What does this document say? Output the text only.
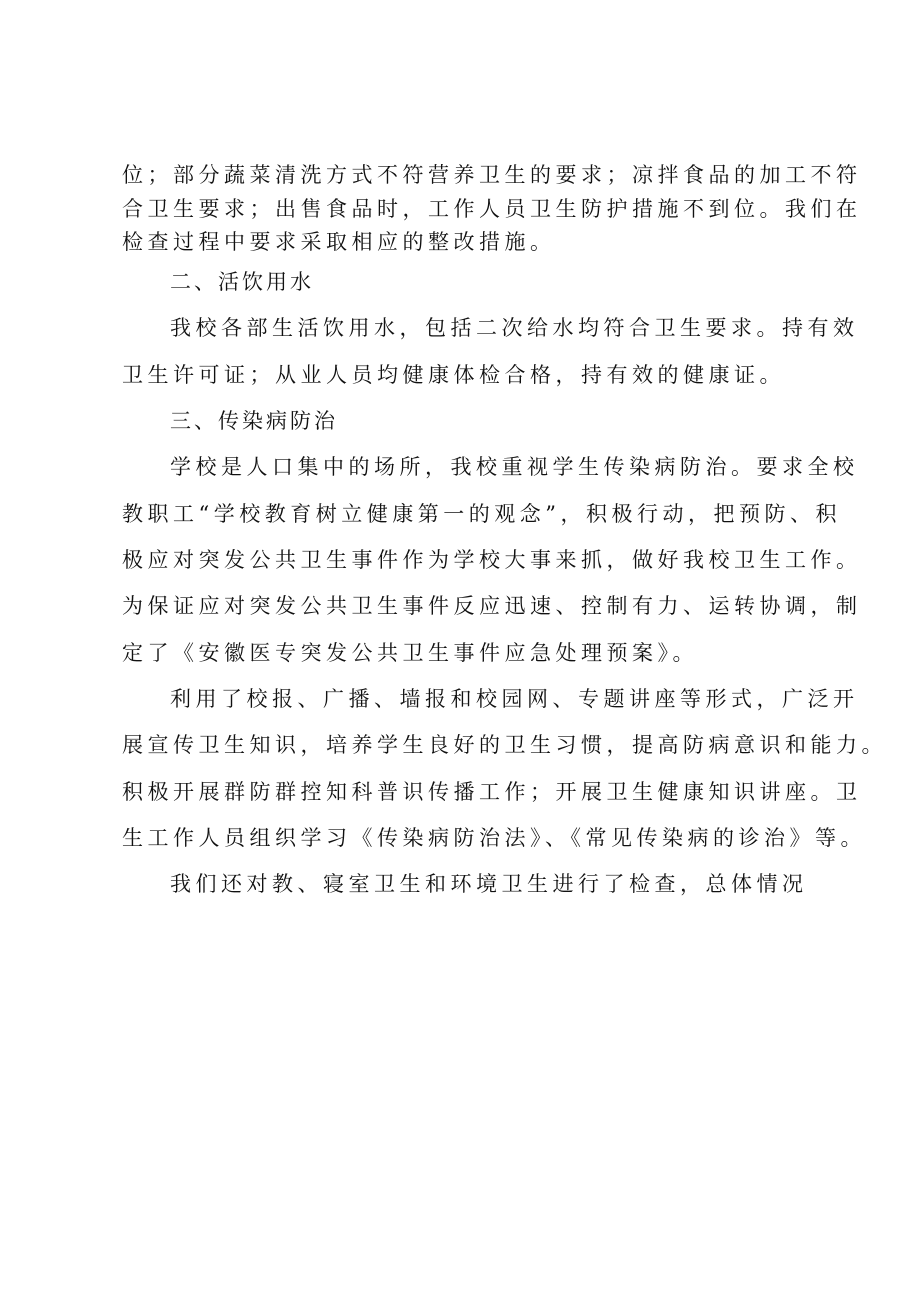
位；部分蔬菜清洗方式不符营养卫生的要求；凉拌食品的加工不符
合卫生要求；出售食品时，工作人员卫生防护措施不到位。我们在
检查过程中要求采取相应的整改措施。
二、活饮用水
我校各部生活饮用水，包括二次给水均符合卫生要求。持有效
卫生许可证；从业人员均健康体检合格，持有效的健康证。
三、传染病防治
学校是人口集中的场所，我校重视学生传染病防治。要求全校
教职工“学校教育树立健康第一的观念”，积极行动，把预防、积
极应对突发公共卫生事件作为学校大事来抓，做好我校卫生工作。
为保证应对突发公共卫生事件反应迅速、控制有力、运转协调，制
定了《安徽医专突发公共卫生事件应急处理预案》。
利用了校报、广播、墙报和校园网、专题讲座等形式，广泛开
展宣传卫生知识，培养学生良好的卫生习惯，提高防病意识和能力。
积极开展群防群控知科普识传播工作；开展卫生健康知识讲座。卫
生工作人员组织学习《传染病防治法》、《常见传染病的诊治》等。
我们还对教、寝室卫生和环境卫生进行了检查，总体情况
